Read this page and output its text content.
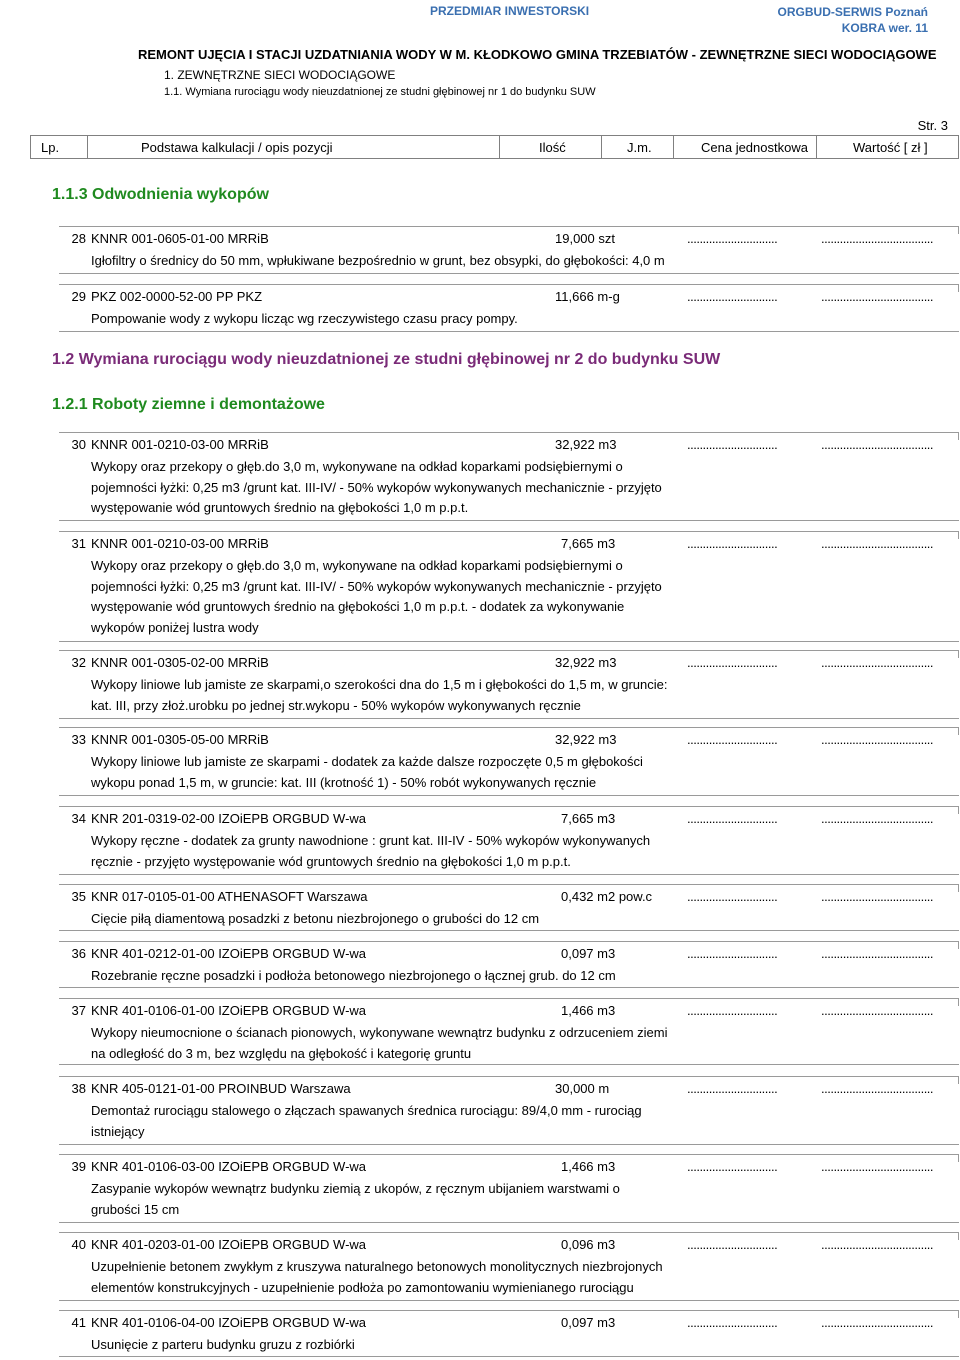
PRZEDMIAR INWESTORSKI	ORGBUD-SERWIS Poznań
KOBRA wer. 11
REMONT UJĘCIA I STACJI UZDATNIANIA WODY W M. KŁODKOWO GMINA TRZEBIATÓW - ZEWNĘTRZNE SIECI WODOCIĄGOWE
1. ZEWNĘTRZNE SIECI WODOCIĄGOWE
1.1. Wymiana rurociągu wody nieuzdatnionej ze studni głębinowej nr 1 do budynku SUW
Str. 3
Lp.	Podstawa kalkulacji / opis pozycji	Ilość	J.m.	Cena jednostkowa	Wartość [ zł ]
1.1.3 Odwodnienia wykopów
1.2 Wymiana rurociągu wody nieuzdatnionej ze studni głębinowej nr 2 do budynku SUW
1.2.1 Roboty ziemne i demontażowe
28 KNNR 001-0605-01-00 MRRiB	19,000 szt	.............................	....................................
Igłofiltry o średnicy do 50 mm, wpłukiwane bezpośrednio w grunt, bez obsypki, do głębokości: 4,0 m
29 PKZ 002-0000-52-00 PP PKZ	11,666 m-g	.............................	....................................
Pompowanie wody z wykopu licząc wg rzeczywistego czasu pracy pompy.
30 KNNR 001-0210-03-00 MRRiB	32,922 m3	.............................	....................................
Wykopy oraz przekopy o głęb.do 3,0 m, wykonywane na odkład koparkami podsiębiernymi o pojemności łyżki: 0,25 m3 /grunt kat. III-IV/ - 50% wykopów wykonywanych mechanicznie - przyjęto występowanie wód gruntowych średnio na głębokości 1,0 m p.p.t.
31 KNNR 001-0210-03-00 MRRiB	7,665 m3	.............................	....................................
Wykopy oraz przekopy o głęb.do 3,0 m, wykonywane na odkład koparkami podsiębiernymi o pojemności łyżki: 0,25 m3 /grunt kat. III-IV/ - 50% wykopów wykonywanych mechanicznie - przyjęto występowanie wód gruntowych średnio na głębokości 1,0 m p.p.t. - dodatek za wykonywanie wykopów poniżej lustra wody
32 KNNR 001-0305-02-00 MRRiB	32,922 m3	.............................	....................................
Wykopy liniowe lub jamiste ze skarpami,o szerokości dna do 1,5 m i głębokości do 1,5 m, w gruncie: kat. III, przy złoż.urobku po jednej str.wykopu - 50% wykopów wykonywanych ręcznie
33 KNNR 001-0305-05-00 MRRiB	32,922 m3	.............................	....................................
Wykopy liniowe lub jamiste ze skarpami - dodatek za każde dalsze rozpoczęte 0,5 m głębokości wykopu ponad 1,5 m, w gruncie: kat. III (krotność 1) - 50% robót wykonywanych ręcznie
34 KNR 201-0319-02-00 IZOiEPB ORGBUD W-wa	7,665 m3	.............................	....................................
Wykopy ręczne - dodatek za grunty nawodnione : grunt kat. III-IV - 50% wykopów wykonywanych ręcznie - przyjęto występowanie wód gruntowych średnio na głębokości 1,0 m p.p.t.
35 KNR 017-0105-01-00 ATHENASOFT Warszawa	0,432 m2 pow.c	.............................	....................................
Cięcie piłą diamentową posadzki z betonu niezbrojonego o grubości do 12 cm
36 KNR 401-0212-01-00 IZOiEPB ORGBUD W-wa	0,097 m3	.............................	....................................
Rozebranie ręczne posadzki i podłoża betonowego niezbrojonego o łącznej grub. do 12 cm
37 KNR 401-0106-01-00 IZOiEPB ORGBUD W-wa	1,466 m3	.............................	....................................
Wykopy nieumocnione o ścianach pionowych, wykonywane wewnątrz budynku z odrzuceniem ziemi na odległość do 3 m, bez względu na głębokość i kategorię gruntu
38 KNR 405-0121-01-00 PROINBUD Warszawa	30,000 m	.............................	....................................
Demontaż rurociągu stalowego o złączach spawanych średnica rurociągu: 89/4,0 mm - rurociąg istniejący
39 KNR 401-0106-03-00 IZOiEPB ORGBUD W-wa	1,466 m3	.............................	....................................
Zasypanie wykopów wewnątrz budynku ziemią z ukopów, z ręcznym ubijaniem warstwami o grubości 15 cm
40 KNR 401-0203-01-00 IZOiEPB ORGBUD W-wa	0,096 m3	.............................	....................................
Uzupełnienie betonem zwykłym z kruszywa naturalnego betonowych monolitycznych niezbrojonych elementów konstrukcyjnych - uzupełnienie podłoża po zamontowaniu wymienianego rurociągu
41 KNR 401-0106-04-00 IZOiEPB ORGBUD W-wa	0,097 m3	.............................	....................................
Usunięcie z parteru budynku gruzu z rozbiórki
